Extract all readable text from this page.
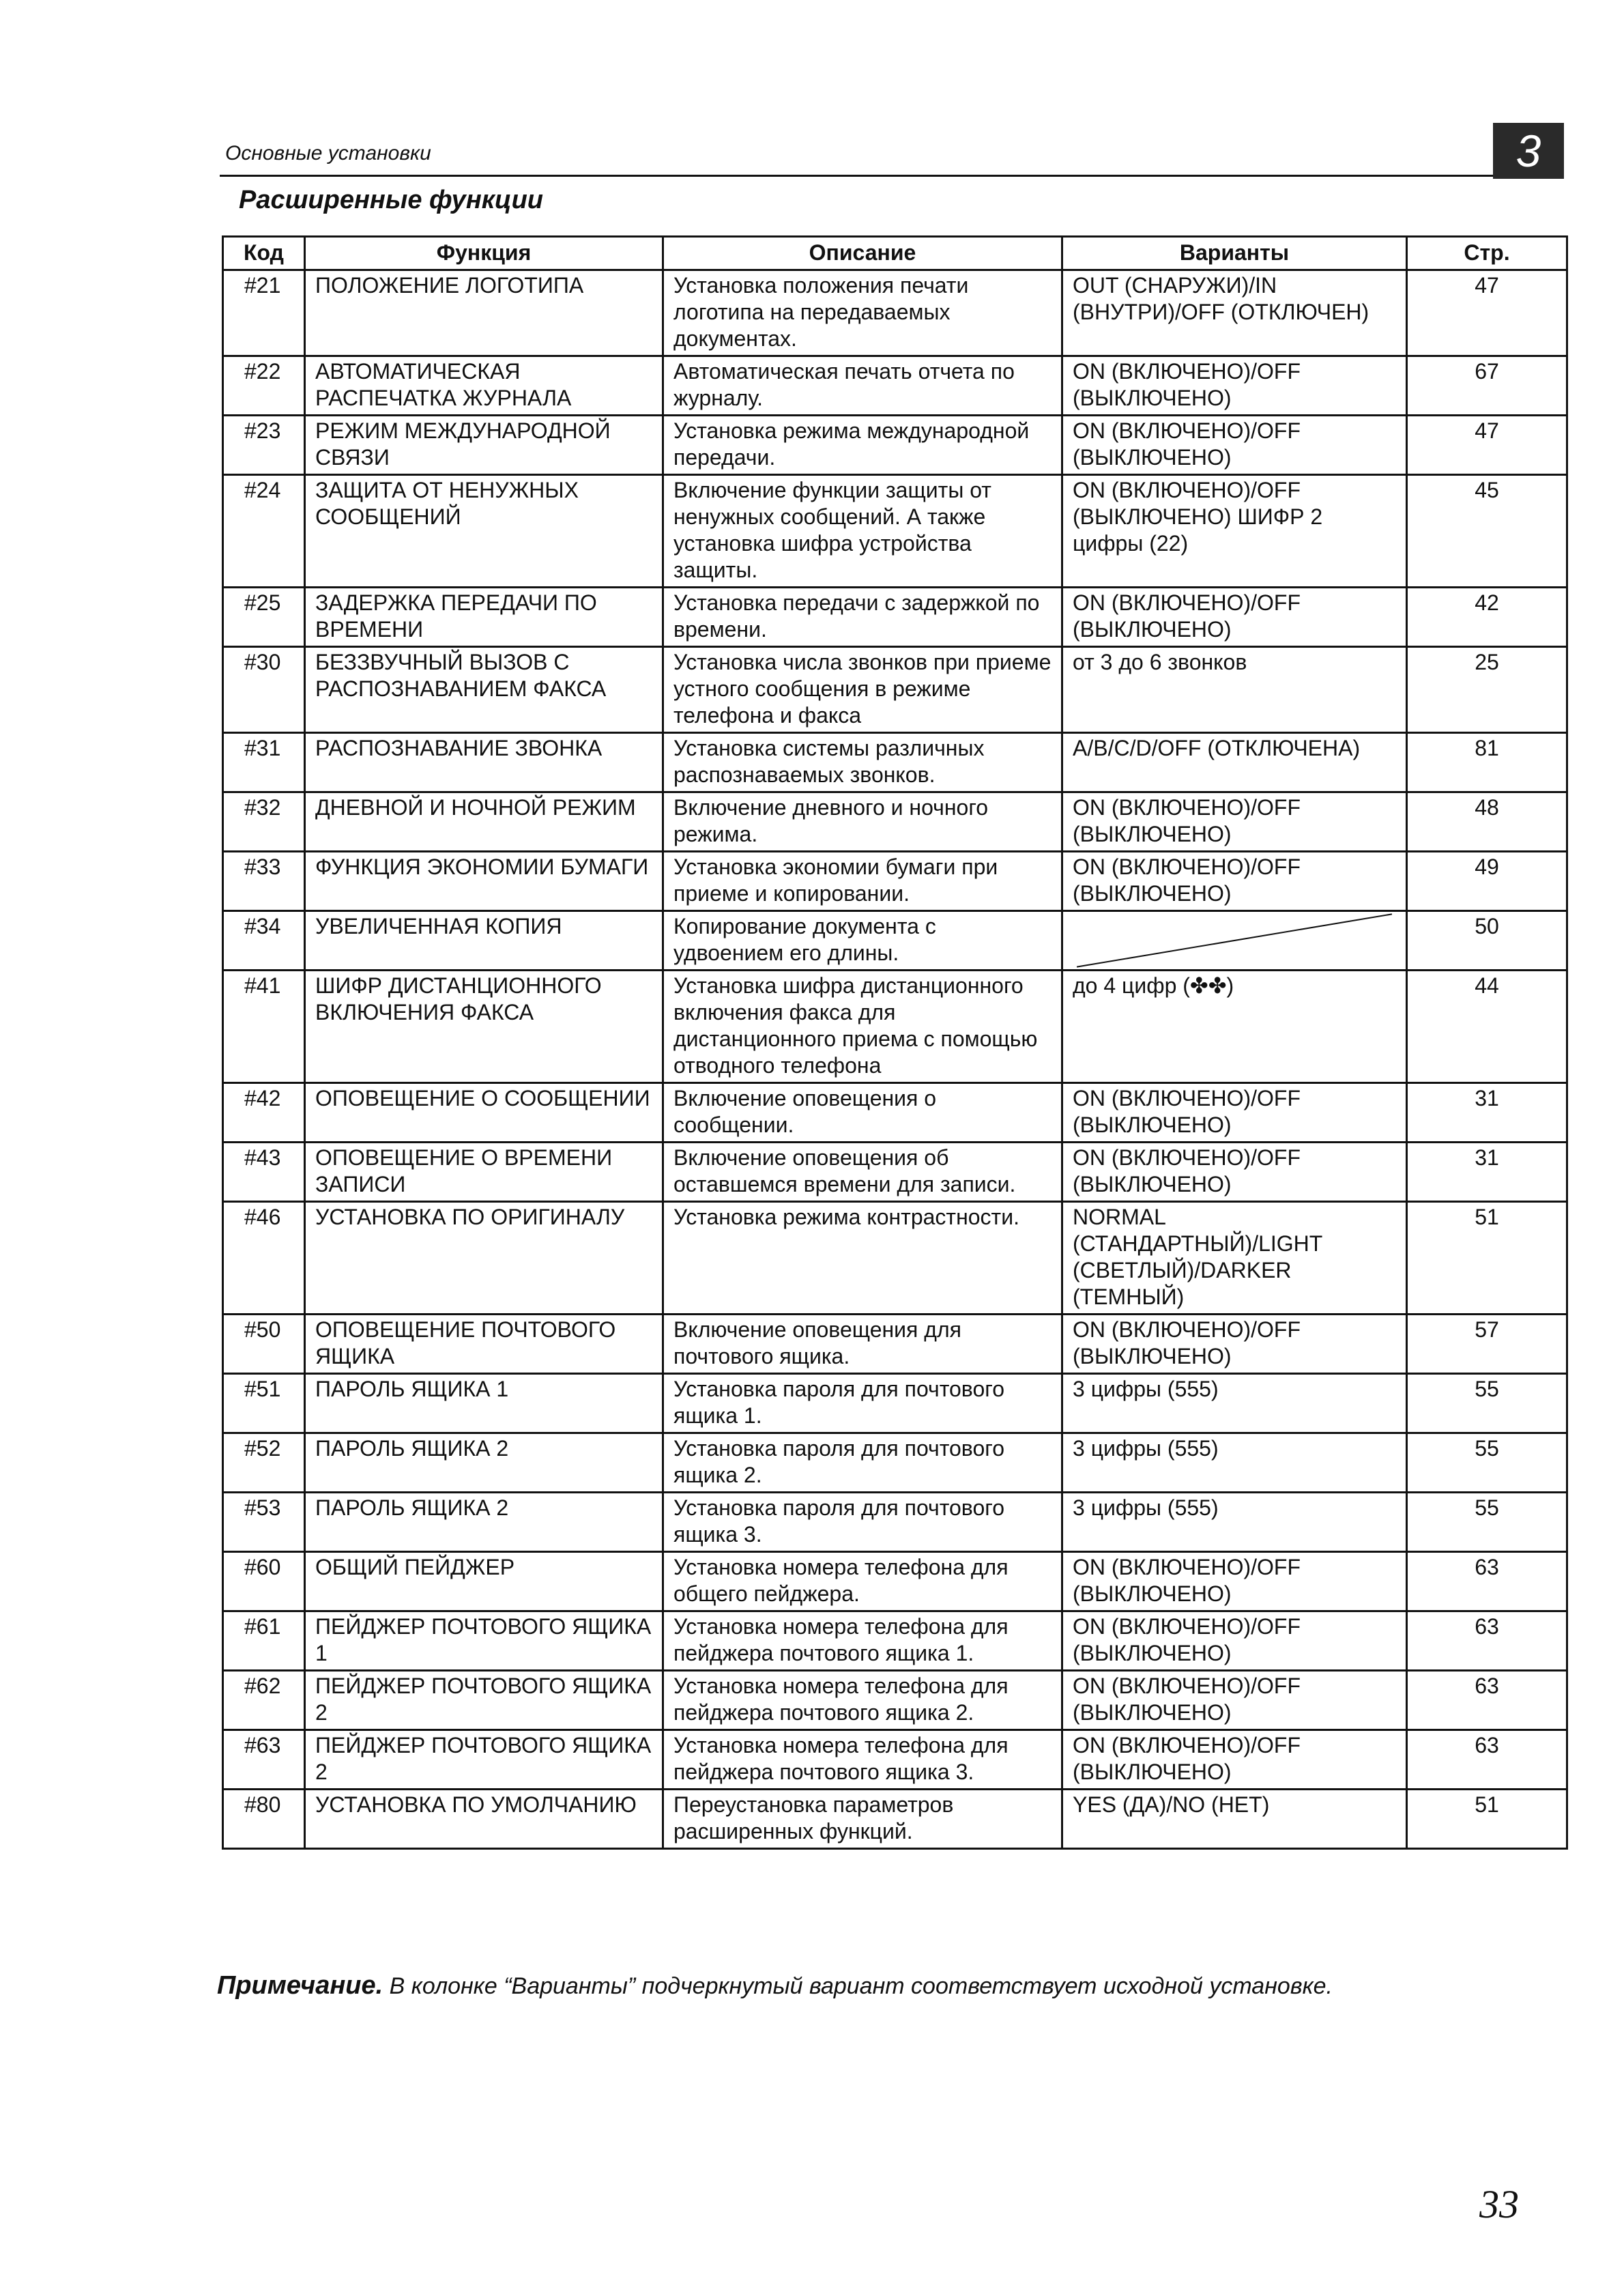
Основные установки	3
Расширенные функции
Код	Функция	Описание	Варианты	Стр.
#21	ПОЛОЖЕНИЕ ЛОГОТИПА	Установка положения печати логотипа на передаваемых документах.	OUT (СНАРУЖИ)/IN (ВНУТРИ)/OFF (ОТКЛЮЧЕН)	47
#22	АВТОМАТИЧЕСКАЯ РАСПЕЧАТКА ЖУРНАЛА	Автоматическая печать отчета по журналу.	ON (ВКЛЮЧЕНО)/OFF (ВЫКЛЮЧЕНО)	67
#23	РЕЖИМ МЕЖДУНАРОДНОЙ СВЯЗИ	Установка режима международной передачи.	ON (ВКЛЮЧЕНО)/OFF (ВЫКЛЮЧЕНО)	47
#24	ЗАЩИТА ОТ НЕНУЖНЫХ СООБЩЕНИЙ	Включение функции защиты от ненужных сообщений. А также установка шифра устройства защиты.	ON (ВКЛЮЧЕНО)/OFF (ВЫКЛЮЧЕНО) ШИФР 2 цифры (22)	45
#25	ЗАДЕРЖКА ПЕРЕДАЧИ ПО ВРЕМЕНИ	Установка передачи с задержкой по времени.	ON (ВКЛЮЧЕНО)/OFF (ВЫКЛЮЧЕНО)	42
#30	БЕЗЗВУЧНЫЙ ВЫЗОВ С РАСПОЗНАВАНИЕМ ФАКСА	Установка числа звонков при приеме устного сообщения в режиме телефона и факса	от 3 до 6 звонков	25
#31	РАСПОЗНАВАНИЕ ЗВОНКА	Установка системы различных распознаваемых звонков.	A/B/C/D/OFF (ОТКЛЮЧЕНА)	81
#32	ДНЕВНОЙ И НОЧНОЙ РЕЖИМ	Включение дневного и ночного режима.	ON (ВКЛЮЧЕНО)/OFF (ВЫКЛЮЧЕНО)	48
#33	ФУНКЦИЯ ЭКОНОМИИ БУМАГИ	Установка экономии бумаги при приеме и копировании.	ON (ВКЛЮЧЕНО)/OFF (ВЫКЛЮЧЕНО)	49
#34	УВЕЛИЧЕННАЯ КОПИЯ	Копирование документа с удвоением его длины.		50
#41	ШИФР ДИСТАНЦИОННОГО ВКЛЮЧЕНИЯ ФАКСА	Установка шифра дистанционного включения факса для дистанционного приема с помощью отводного телефона	до 4 цифр (✤✤)	44
#42	ОПОВЕЩЕНИЕ О СООБЩЕНИИ	Включение оповещения о сообщении.	ON (ВКЛЮЧЕНО)/OFF (ВЫКЛЮЧЕНО)	31
#43	ОПОВЕЩЕНИЕ О ВРЕМЕНИ ЗАПИСИ	Включение оповещения об оставшемся времени для записи.	ON (ВКЛЮЧЕНО)/OFF (ВЫКЛЮЧЕНО)	31
#46	УСТАНОВКА ПО ОРИГИНАЛУ	Установка режима контрастности.	NORMAL (СТАНДАРТНЫЙ)/LIGHT (СВЕТЛЫЙ)/DARKER (ТЕМНЫЙ)	51
#50	ОПОВЕЩЕНИЕ ПОЧТОВОГО ЯЩИКА	Включение оповещения для почтового ящика.	ON (ВКЛЮЧЕНО)/OFF (ВЫКЛЮЧЕНО)	57
#51	ПАРОЛЬ ЯЩИКА 1	Установка пароля для почтового ящика 1.	3 цифры (555)	55
#52	ПАРОЛЬ ЯЩИКА 2	Установка пароля для почтового ящика 2.	3 цифры (555)	55
#53	ПАРОЛЬ ЯЩИКА 2	Установка пароля для почтового ящика 3.	3 цифры (555)	55
#60	ОБЩИЙ ПЕЙДЖЕР	Установка номера телефона для общего пейджера.	ON (ВКЛЮЧЕНО)/OFF (ВЫКЛЮЧЕНО)	63
#61	ПЕЙДЖЕР ПОЧТОВОГО ЯЩИКА 1	Установка номера телефона для пейджера почтового ящика 1.	ON (ВКЛЮЧЕНО)/OFF (ВЫКЛЮЧЕНО)	63
#62	ПЕЙДЖЕР ПОЧТОВОГО ЯЩИКА 2	Установка номера телефона для пейджера почтового ящика 2.	ON (ВКЛЮЧЕНО)/OFF (ВЫКЛЮЧЕНО)	63
#63	ПЕЙДЖЕР ПОЧТОВОГО ЯЩИКА 2	Установка номера телефона для пейджера почтового ящика 3.	ON (ВКЛЮЧЕНО)/OFF (ВЫКЛЮЧЕНО)	63
#80	УСТАНОВКА ПО УМОЛЧАНИЮ	Переустановка параметров расширенных функций.	YES (ДА)/NO (НЕТ)	51
Примечание. В колонке “Варианты” подчеркнутый вариант соответствует исходной установке.
33
